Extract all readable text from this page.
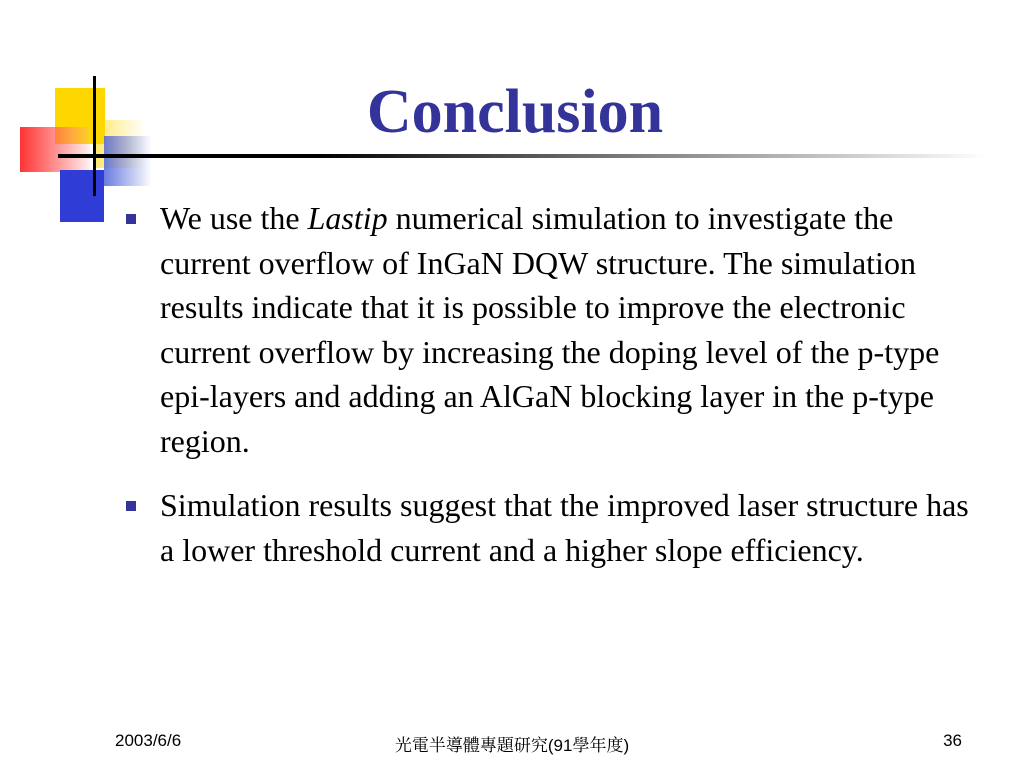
Conclusion
We use the Lastip numerical simulation to investigate the current overflow of InGaN DQW structure. The simulation results indicate that it is possible to improve the electronic current overflow by increasing the doping level of the p-type epi-layers and adding an AlGaN blocking layer in the p-type region.
Simulation results suggest that the improved laser structure has a lower threshold current and a higher slope efficiency.
2003/6/6	光電半導體專題研究(91學年度)	36
